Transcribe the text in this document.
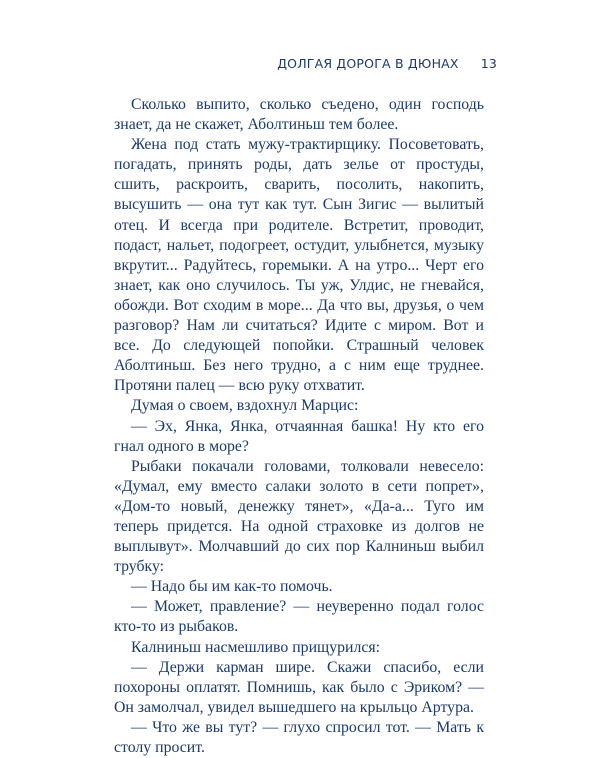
ДОЛГАЯ ДОРОГА В ДЮНАХ 13

Сколько выпито, сколько съедено, один господь знает, да не скажет, Аболтиньш тем более.

Жена под стать мужу-трактирщику. Посоветовать, погадать, принять роды, дать зелье от простуды, сшить, раскроить, сварить, посолить, накопить, высушить — она тут как тут. Сын Зигис — вылитый отец. И всегда при родителе. Встретит, проводит, подаст, нальет, подогреет, остудит, улыбнется, музыку вкрутит... Радуйтесь, горемыки. А на утро... Черт его знает, как оно случилось. Ты уж, Улдис, не гневайся, обожди. Вот сходим в море... Да что вы, друзья, о чем разговор? Нам ли считаться? Идите с миром. Вот и все. До следующей попойки. Страшный человек Аболтиньш. Без него трудно, а с ним еще труднее. Протяни палец — всю руку отхватит.

Думая о своем, вздохнул Марцис:

— Эх, Янка, Янка, отчаянная башка! Ну кто его гнал одного в море?

Рыбаки покачали головами, толковали невесело: «Думал, ему вместо салаки золото в сети попрет», «Дом-то новый, денежку тянет», «Да-а... Туго им теперь придется. На одной страховке из долгов не выплывут». Молчавший до сих пор Калниньш выбил трубку:

— Надо бы им как-то помочь.

— Может, правление? — неуверенно подал голос кто-то из рыбаков.

Калниньш насмешливо прищурился:

— Держи карман шире. Скажи спасибо, если похороны оплатят. Помнишь, как было с Эриком? — Он замолчал, увидел вышедшего на крыльцо Артура.

— Что же вы тут? — глухо спросил тот. — Мать к столу просит.
